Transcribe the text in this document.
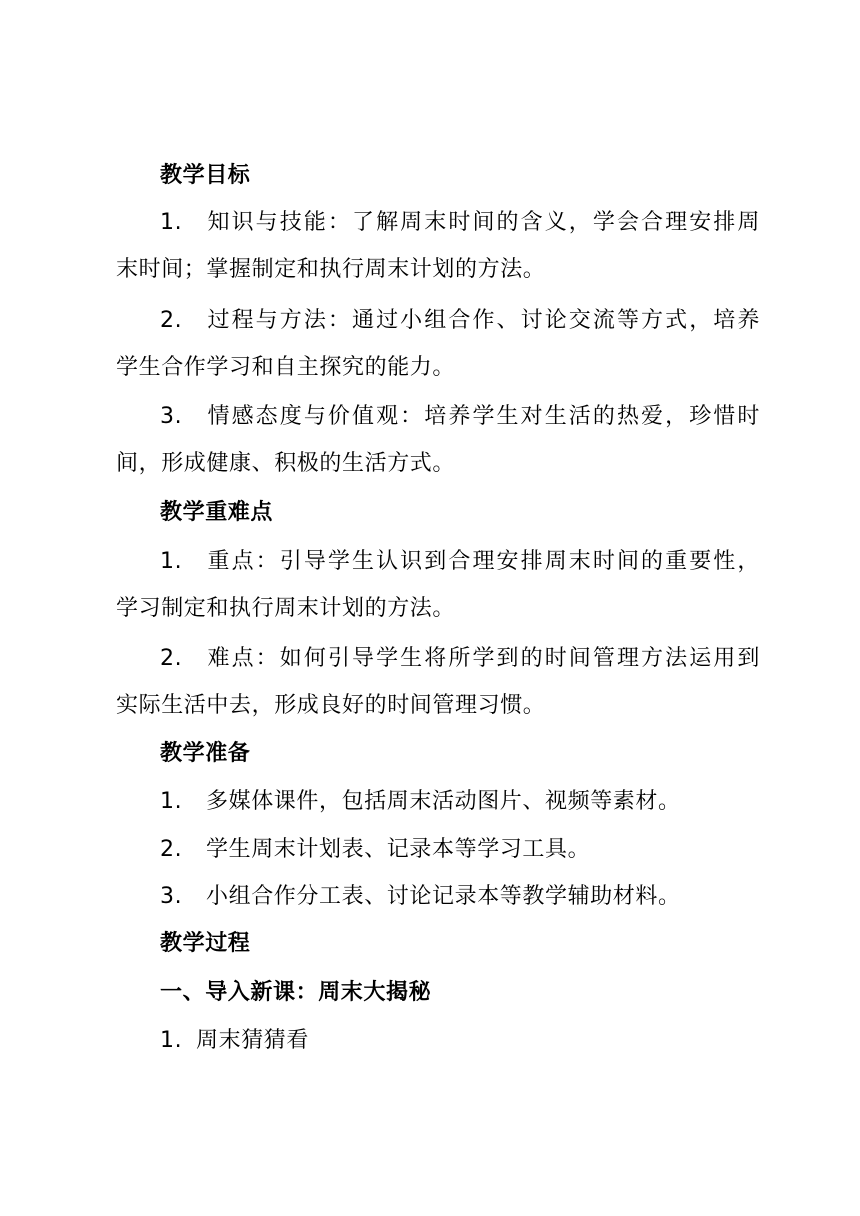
教学目标
1. 知识与技能：了解周末时间的含义，学会合理安排周
末时间；掌握制定和执行周末计划的方法。
2. 过程与方法：通过小组合作、讨论交流等方式，培养
学生合作学习和自主探究的能力。
3. 情感态度与价值观：培养学生对生活的热爱，珍惜时
间，形成健康、积极的生活方式。
教学重难点
1. 重点：引导学生认识到合理安排周末时间的重要性，
学习制定和执行周末计划的方法。
2. 难点：如何引导学生将所学到的时间管理方法运用到
实际生活中去，形成良好的时间管理习惯。
教学准备
1. 多媒体课件，包括周末活动图片、视频等素材。
2. 学生周末计划表、记录本等学习工具。
3. 小组合作分工表、讨论记录本等教学辅助材料。
教学过程
一、导入新课：周末大揭秘
1. 周末猜猜看
